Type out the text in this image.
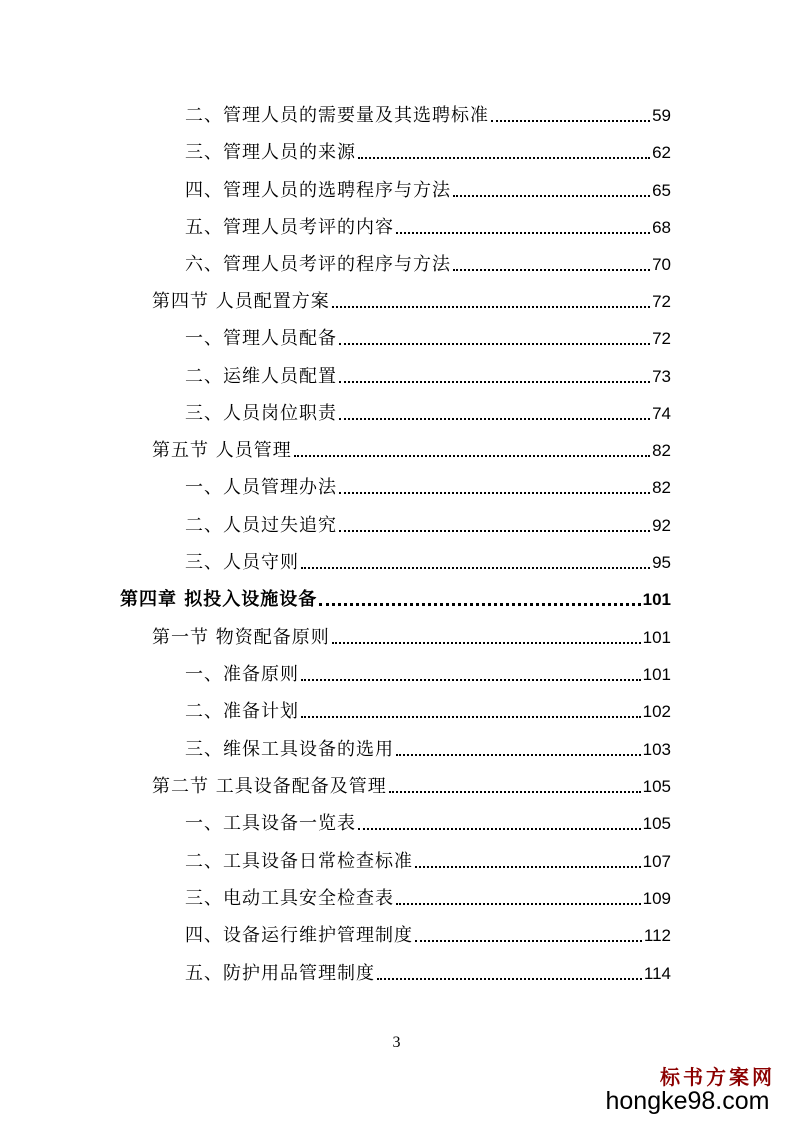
二、管理人员的需要量及其选聘标准	59
三、管理人员的来源	62
四、管理人员的选聘程序与方法	65
五、管理人员考评的内容	68
六、管理人员考评的程序与方法	70
第四节 人员配置方案	72
一、管理人员配备	72
二、运维人员配置	73
三、人员岗位职责	74
第五节 人员管理	82
一、人员管理办法	82
二、人员过失追究	92
三、人员守则	95
第四章 拟投入设施设备	101
第一节 物资配备原则	101
一、准备原则	101
二、准备计划	102
三、维保工具设备的选用	103
第二节 工具设备配备及管理	105
一、工具设备一览表	105
二、工具设备日常检查标准	107
三、电动工具安全检查表	109
四、设备运行维护管理制度	112
五、防护用品管理制度	114
3
标书方案网
hongke98.com
